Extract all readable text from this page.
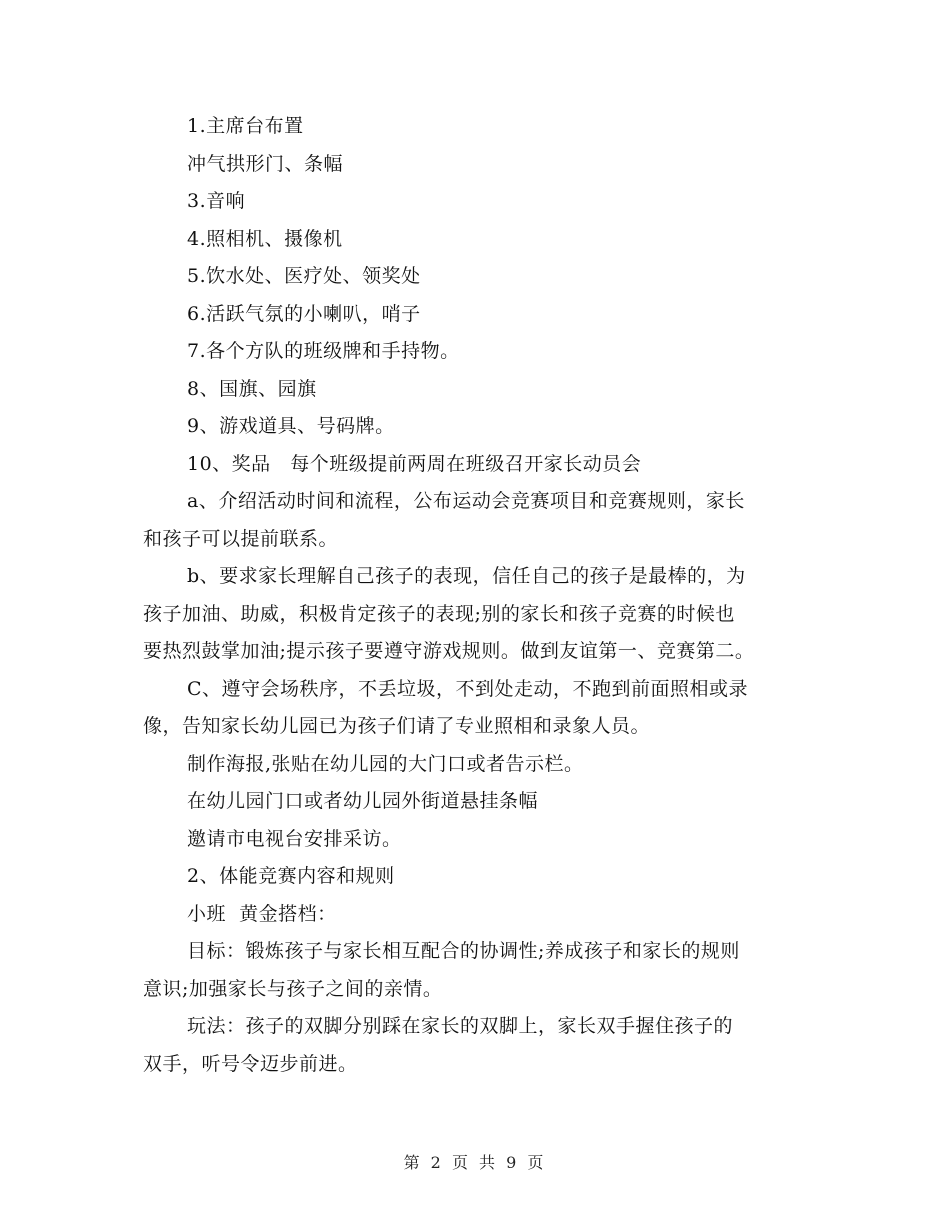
1.主席台布置

冲气拱形门、条幅

3.音响

4.照相机、摄像机

5.饮水处、医疗处、领奖处

6.活跃气氛的小喇叭，哨子

7.各个方队的班级牌和手持物。

8、国旗、园旗

9、游戏道具、号码牌。

10、奖品   每个班级提前两周在班级召开家长动员会

a、介绍活动时间和流程，公布运动会竞赛项目和竞赛规则，家长

和孩子可以提前联系。

b、要求家长理解自己孩子的表现，信任自己的孩子是最棒的，为

孩子加油、助威，积极肯定孩子的表现;别的家长和孩子竞赛的时候也

要热烈鼓掌加油;提示孩子要遵守游戏规则。做到友谊第一、竞赛第二。

C、遵守会场秩序，不丢垃圾，不到处走动，不跑到前面照相或录

像，告知家长幼儿园已为孩子们请了专业照相和录象人员。

制作海报,张贴在幼儿园的大门口或者告示栏。

在幼儿园门口或者幼儿园外街道悬挂条幅

邀请市电视台安排采访。

2、体能竞赛内容和规则

小班  黄金搭档：

目标：锻炼孩子与家长相互配合的协调性;养成孩子和家长的规则

意识;加强家长与孩子之间的亲情。

玩法：孩子的双脚分别踩在家长的双脚上，家长双手握住孩子的

双手，听号令迈步前进。

第 2 页 共 9 页
